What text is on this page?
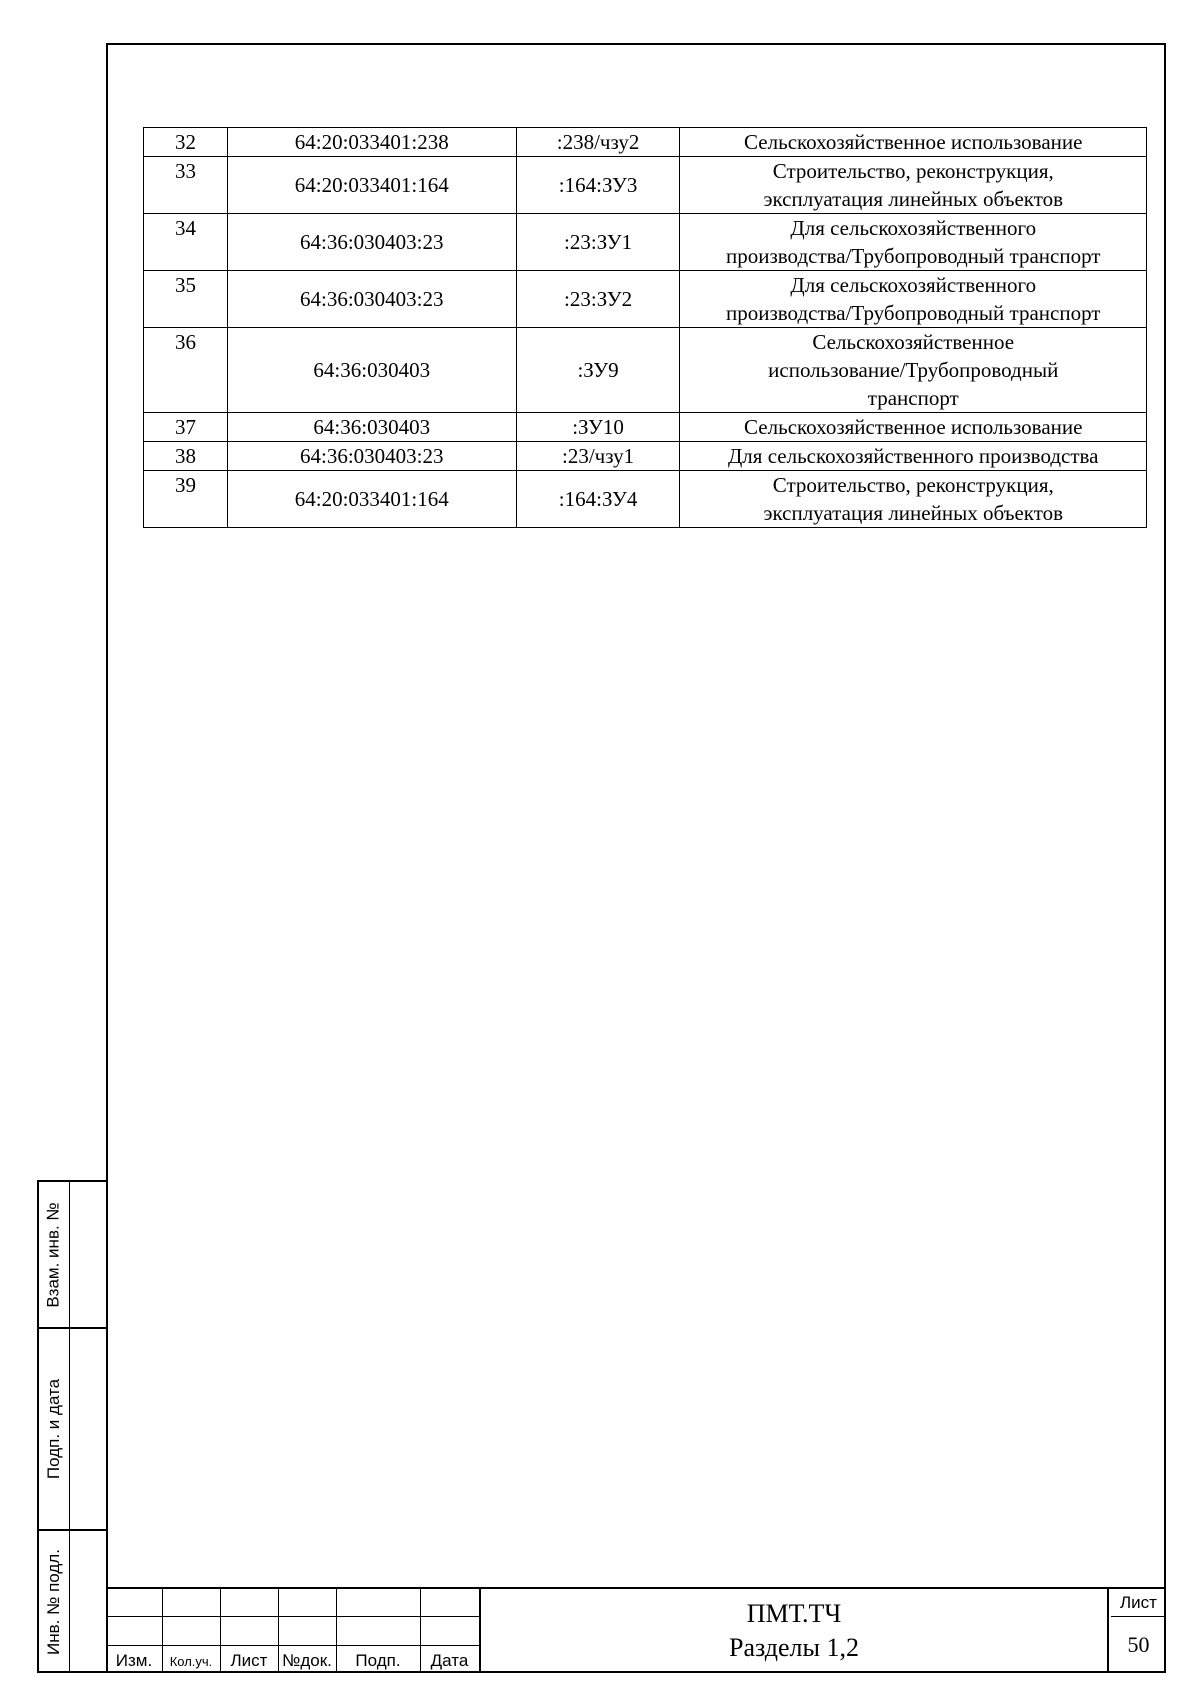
32	64:20:033401:238	:238/чзу2	Сельскохозяйственное использование

33	64:20:033401:164	:164:ЗУ3	Строительство, реконструкция,
эксплуатация линейных объектов

34	64:36:030403:23	:23:ЗУ1	Для сельскохозяйственного
производства/Трубопроводный транспорт

35	64:36:030403:23	:23:ЗУ2	Для сельскохозяйственного
производства/Трубопроводный транспорт

36	64:36:030403	:ЗУ9	Сельскохозяйственное
использование/Трубопроводный
транспорт

37	64:36:030403	:ЗУ10	Сельскохозяйственное использование

38	64:36:030403:23	:23/чзу1	Для сельскохозяйственного производства

39	64:20:033401:164	:164:ЗУ4	Строительство, реконструкция,
эксплуатация линейных объектов
Взам. инв. №
Подп. и дата
Инв. № подл.
Изм.	Кол.уч.	Лист №док.	Подп.	Дата
ПМТ.ТЧ
Разделы 1,2
Лист
50
